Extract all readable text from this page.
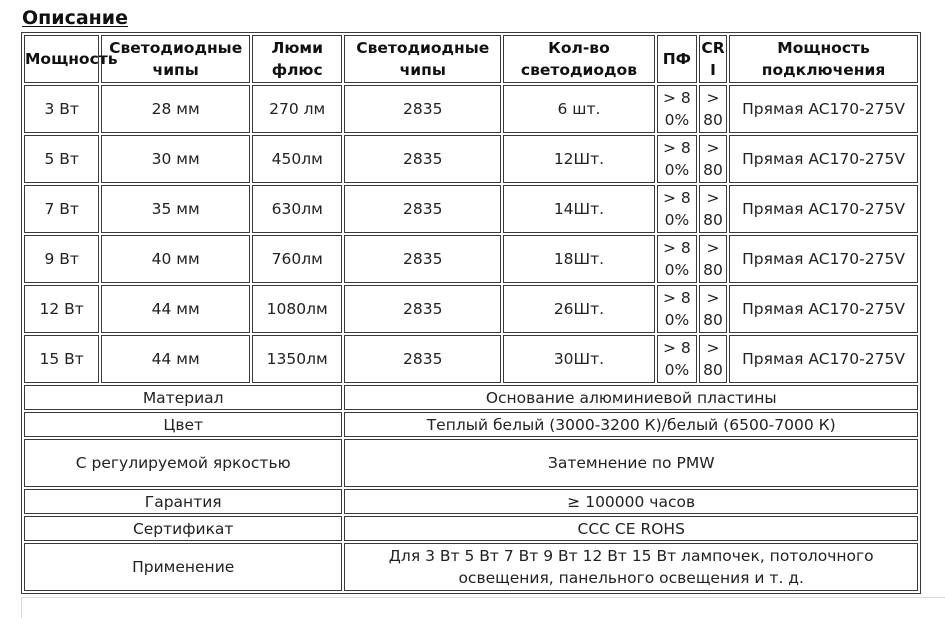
Описание
Мощность	Светодиодные чипы	Люми флюс	Светодиодные чипы	Кол-во светодиодов	ПФ	CRI	Мощность подключения
3 Вт	28 мм	270 лм	2835	6 шт.	> 80%	> 80	Прямая AC170-275V
5 Вт	30 мм	450лм	2835	12Шт.	> 80%	> 80	Прямая AC170-275V
7 Вт	35 мм	630лм	2835	14Шт.	> 80%	> 80	Прямая AC170-275V
9 Вт	40 мм	760лм	2835	18Шт.	> 80%	> 80	Прямая AC170-275V
12 Вт	44 мм	1080лм	2835	26Шт.	> 80%	> 80	Прямая AC170-275V
15 Вт	44 мм	1350лм	2835	30Шт.	> 80%	> 80	Прямая AC170-275V
Материал			Основание алюминиевой пластины				
Цвет			Теплый белый (3000-3200 К)/белый (6500-7000 К)				
С регулируемой яркостью			Затемнение по PMW				
Гарантия			≥ 100000 часов				
Сертификат			CCC CE ROHS				
Применение			Для 3 Вт 5 Вт 7 Вт 9 Вт 12 Вт 15 Вт лампочек, потолочного освещения, панельного освещения и т. д.				
